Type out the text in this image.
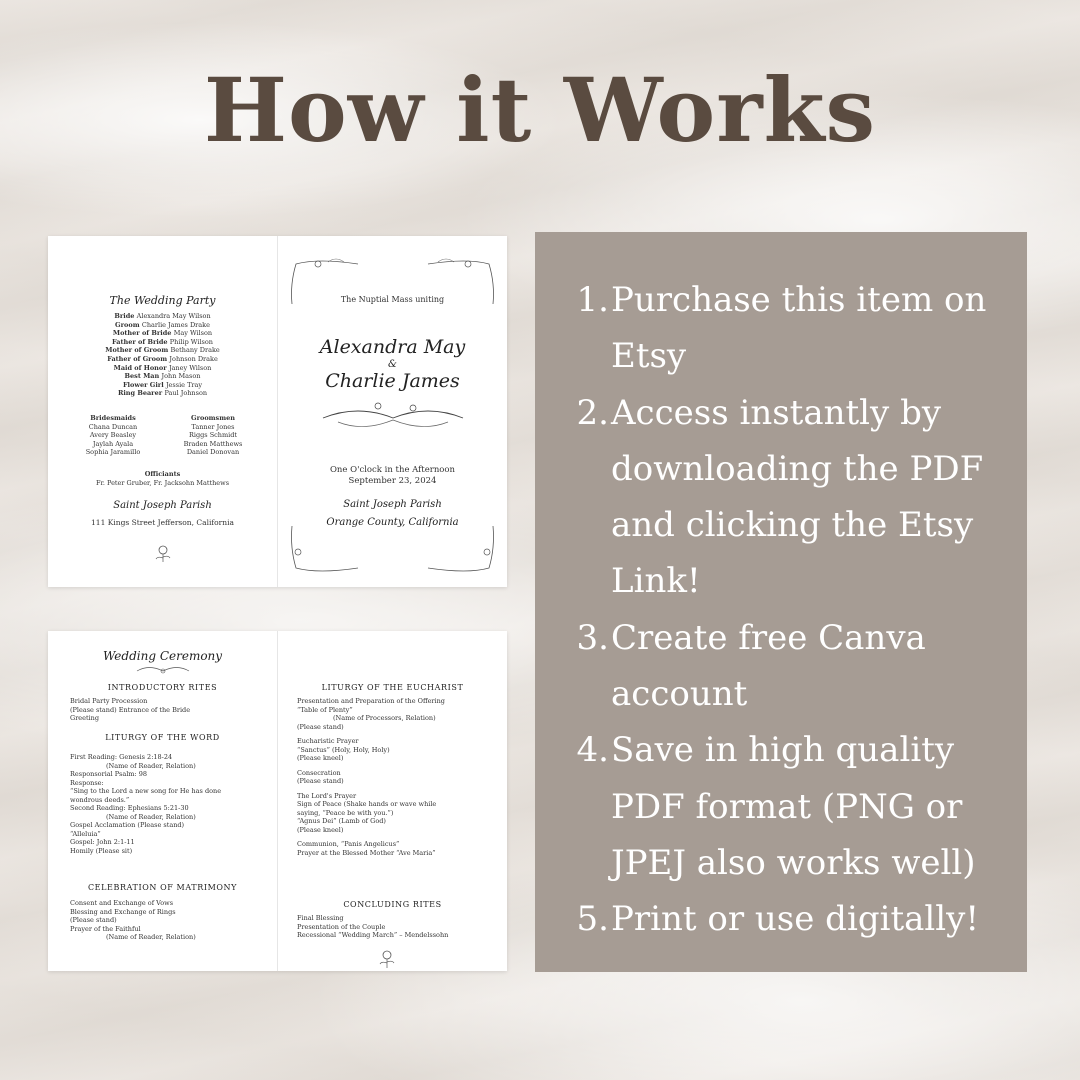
How it Works
The Wedding Party
Bride Alexandra May Wilson
Groom Charlie James Drake
Mother of Bride May Wilson
Father of Bride Philip Wilson
Mother of Groom Bethany Drake
Father of Groom Johnson Drake
Maid of Honor Janey Wilson
Best Man John Mason
Flower Girl Jessie Tray
Ring Bearer Paul Johnson
Bridesmaids
Chana Duncan
Avery Beasley
Jaylah Ayala
Sophia Jaramillo
Groomsmen
Tanner Jones
Riggs Schmidt
Braden Matthews
Daniel Donovan
Officiants
Fr. Peter Gruber, Fr. Jacksohn Matthews
Saint Joseph Parish
111 Kings Street Jefferson, California
The Nuptial Mass uniting
Alexandra May
&
Charlie James
One O'clock in the Afternoon
September 23, 2024
Saint Joseph Parish
Orange County, California
Wedding Ceremony
INTRODUCTORY RITES
Bridal Party Procession
(Please stand) Entrance of the Bride
Greeting
LITURGY OF THE WORD
First Reading: Genesis 2:18-24
(Name of Reader, Relation)
Responsorial Psalm: 98
Response:
“Sing to the Lord a new song for He has done
wondrous deeds.”
Second Reading: Ephesians 5:21-30
(Name of Reader, Relation)
Gospel Acclamation (Please stand)
“Alleluia”
Gospel: John 2:1-11
Homily (Please sit)
CELEBRATION OF MATRIMONY
Consent and Exchange of Vows
Blessing and Exchange of Rings
(Please stand)
Prayer of the Faithful
(Name of Reader, Relation)
LITURGY OF THE EUCHARIST
Presentation and Preparation of the Offering
“Table of Plenty”
(Name of Processors, Relation)
(Please stand)
Eucharistic Prayer
“Sanctus” (Holy, Holy, Holy)
(Please kneel)
Consecration
(Please stand)
The Lord's Prayer
Sign of Peace (Shake hands or wave while
saying, “Peace be with you.”)
“Agnus Dei” (Lamb of God)
(Please kneel)
Communion, “Panis Angelicus”
Prayer at the Blessed Mother “Ave Maria”
CONCLUDING RITES
Final Blessing
Presentation of the Couple
Recessional “Wedding March” – Mendelssohn
1. Purchase this item on Etsy
2. Access instantly by downloading the PDF and clicking the Etsy Link!
3. Create free Canva account
4. Save in high quality PDF format (PNG or JPEJ also works well)
5. Print or use digitally!
